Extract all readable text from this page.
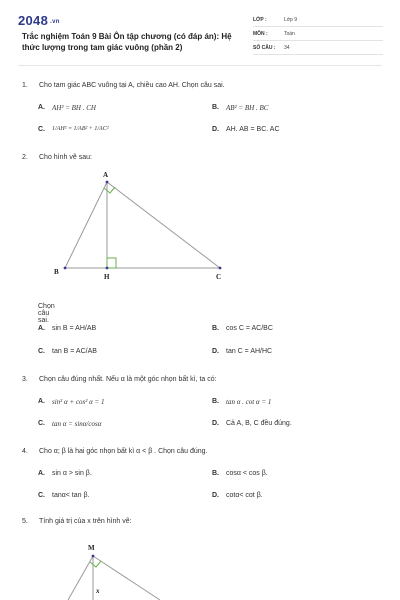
2048 .vn
Trắc nghiệm Toán 9 Bài Ôn tập chương (có đáp án): Hệ thức lượng trong tam giác vuông (phần 2)
LỚP :	Lớp 9
MÔN :	Toán
SỐ CÂU : 34
1. Cho tam giác ABC vuông tại A, chiều cao AH. Chọn câu sai.
A. AH² = BH . CH	B. AB² = BH . BC
C. 1/AH² = 1/AB² + 1/AC²	D. AH. AB = BC. AC
2. Cho hình vẽ sau:
A
B
H	C
Chọn câu sai.
A. sin B = AH/AB	B. cos C = AC/BC
C. tan B = AC/AB	D. tan C = AH/HC
3. Chọn câu đúng nhất. Nếu α là một góc nhọn bất kì, ta có:
A. sin² α + cos² α = 1	B. tan α . cot α = 1
C. tan α = sinα/cosα	D. Cả A, B, C đều đúng.
4. Cho α; β là hai góc nhọn bất kì α < β . Chọn câu đúng.
A. sin α > sin β.	B. cosα < cos β.
C. tanα< tan β.	D. cotα< cot β.
5. Tính giá trị của x trên hình vẽ:
M
x
